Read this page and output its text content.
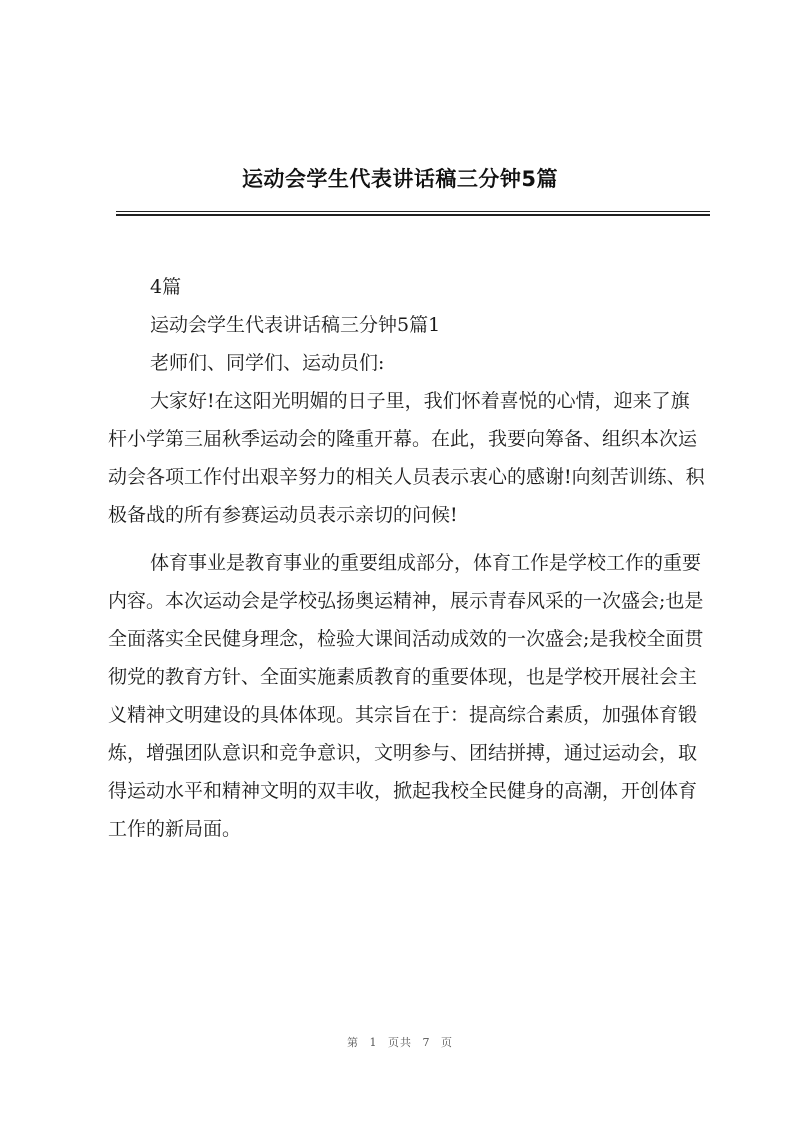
运动会学生代表讲话稿三分钟5篇

4篇

运动会学生代表讲话稿三分钟5篇1

老师们、同学们、运动员们:

大家好!在这阳光明媚的日子里，我们怀着喜悦的心情，迎来了旗杆小学第三届秋季运动会的隆重开幕。在此，我要向筹备、组织本次运动会各项工作付出艰辛努力的相关人员表示衷心的感谢!向刻苦训练、积极备战的所有参赛运动员表示亲切的问候!

体育事业是教育事业的重要组成部分，体育工作是学校工作的重要内容。本次运动会是学校弘扬奥运精神，展示青春风采的一次盛会;也是全面落实全民健身理念，检验大课间活动成效的一次盛会;是我校全面贯彻党的教育方针、全面实施素质教育的重要体现，也是学校开展社会主义精神文明建设的具体体现。其宗旨在于：提高综合素质，加强体育锻炼，增强团队意识和竞争意识，文明参与、团结拼搏，通过运动会，取得运动水平和精神文明的双丰收，掀起我校全民健身的高潮，开创体育工作的新局面。

第 1 页共 7 页
